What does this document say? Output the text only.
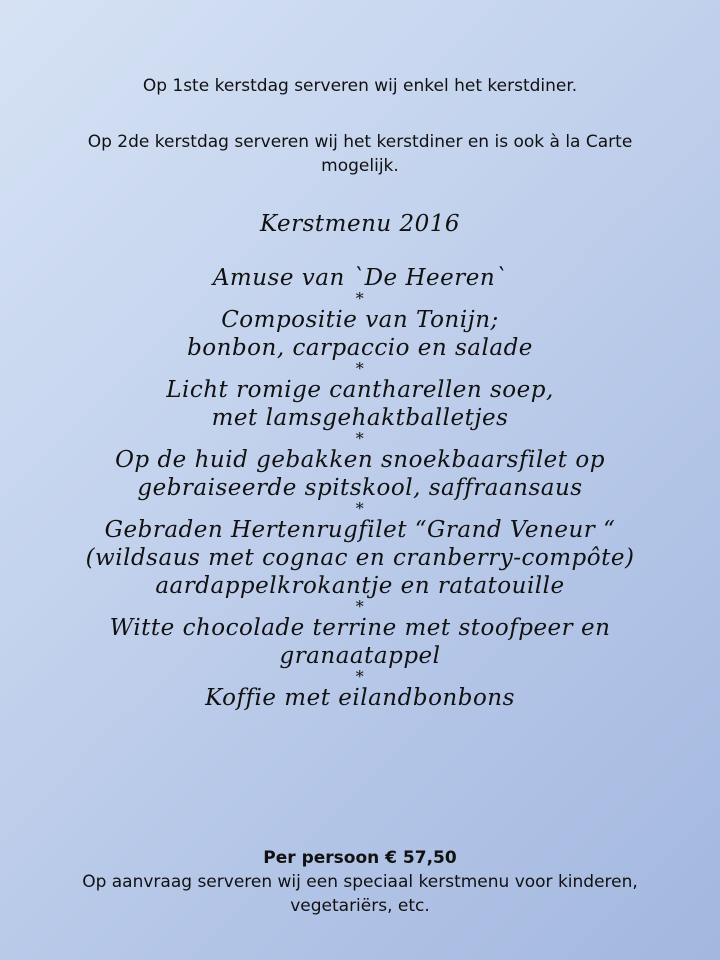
Op 1ste kerstdag serveren wij enkel het kerstdiner.
Op 2de kerstdag serveren wij het kerstdiner en is ook à la Carte
mogelijk.
Kerstmenu 2016
Amuse van `De Heeren`
*
Compositie van Tonijn;
bonbon, carpaccio en salade
*
Licht romige cantharellen soep,
met lamsgehaktballetjes
*
Op de huid gebakken snoekbaarsfilet op
gebraiseerde spitskool, saffraansaus
*
Gebraden Hertenrugfilet “Grand Veneur “
(wildsaus met cognac en cranberry-compôte)
aardappelkrokantje en ratatouille
*
Witte chocolade terrine met stoofpeer en
granaatappel
*
Koffie met eilandbonbons
Per persoon € 57,50
Op aanvraag serveren wij een speciaal kerstmenu voor kinderen,
vegetariërs, etc.
